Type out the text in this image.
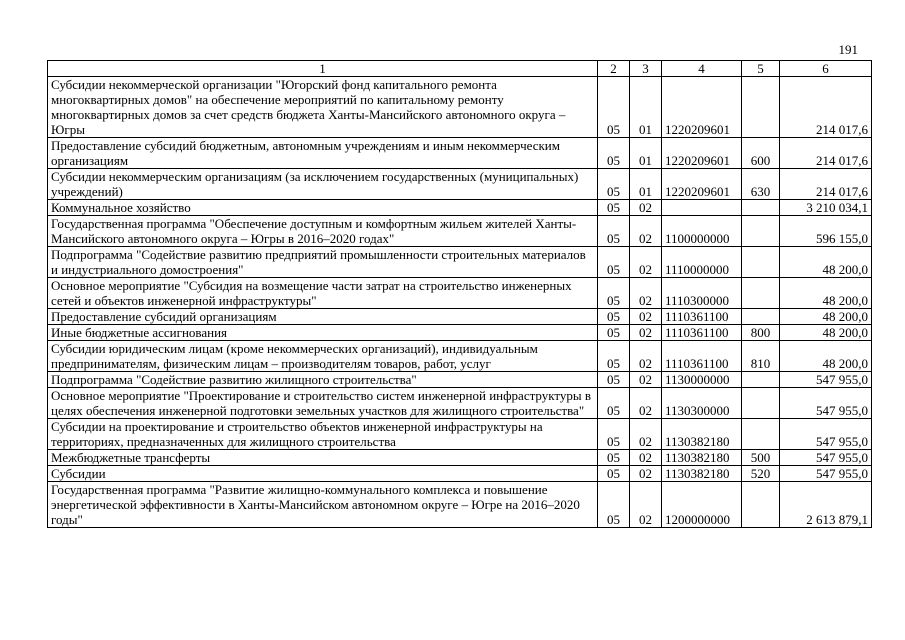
191
1	2	3	4	5	6
Субсидии некоммерческой организации "Югорский фонд капитального ремонта многоквартирных домов" на обеспечение мероприятий по капитальному ремонту многоквартирных домов за счет средств бюджета Ханты-Мансийского автономного округа – Югры	05	01	1220209601		214 017,6
Предоставление субсидий бюджетным, автономным учреждениям и иным некоммерческим организациям	05	01	1220209601	600	214 017,6
Субсидии некоммерческим организациям (за исключением государственных (муниципальных) учреждений)	05	01	1220209601	630	214 017,6
Коммунальное хозяйство	05	02			3 210 034,1
Государственная программа "Обеспечение доступным и комфортным жильем жителей Ханты-Мансийского автономного округа – Югры в 2016–2020 годах"	05	02	1100000000		596 155,0
Подпрограмма "Содействие развитию предприятий промышленности строительных материалов и индустриального домостроения"	05	02	1110000000		48 200,0
Основное мероприятие "Субсидия на возмещение части затрат на строительство инженерных сетей и объектов инженерной инфраструктуры"	05	02	1110300000		48 200,0
Предоставление субсидий организациям	05	02	1110361100		48 200,0
Иные бюджетные ассигнования	05	02	1110361100	800	48 200,0
Субсидии юридическим лицам (кроме некоммерческих организаций), индивидуальным предпринимателям, физическим лицам – производителям товаров, работ, услуг	05	02	1110361100	810	48 200,0
Подпрограмма "Содействие развитию жилищного строительства"	05	02	1130000000		547 955,0
Основное мероприятие "Проектирование и строительство систем инженерной инфраструктуры в целях обеспечения инженерной подготовки земельных участков для жилищного строительства"	05	02	1130300000		547 955,0
Субсидии на проектирование и строительство объектов инженерной инфраструктуры на территориях, предназначенных для жилищного строительства	05	02	1130382180		547 955,0
Межбюджетные трансферты	05	02	1130382180	500	547 955,0
Субсидии	05	02	1130382180	520	547 955,0
Государственная программа "Развитие жилищно-коммунального комплекса и повышение энергетической эффективности в Ханты-Мансийском автономном округе – Югре на 2016–2020 годы"	05	02	1200000000		2 613 879,1
